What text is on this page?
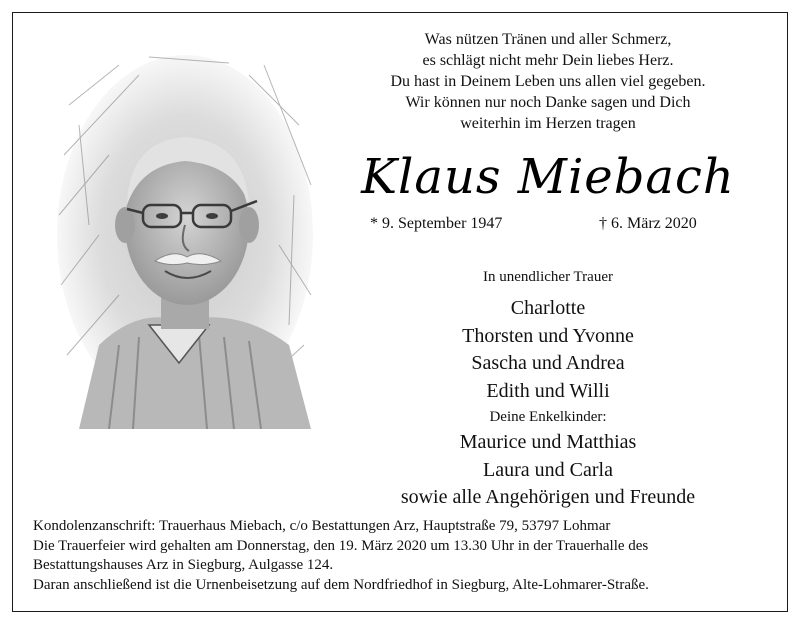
Was nützen Tränen und aller Schmerz,
es schlägt nicht mehr Dein liebes Herz.
Du hast in Deinem Leben uns allen viel gegeben.
Wir können nur noch Danke sagen und Dich
weiterhin im Herzen tragen
Klaus Miebach
* 9. September 1947	† 6. März 2020
In unendlicher Trauer
Charlotte
Thorsten und Yvonne
Sascha und Andrea
Edith und Willi
Deine Enkelkinder:
Maurice und Matthias
Laura und Carla
sowie alle Angehörigen und Freunde
Kondolenzanschrift: Trauerhaus Miebach, c/o Bestattungen Arz, Hauptstraße 79, 53797 Lohmar
Die Trauerfeier wird gehalten am Donnerstag, den 19. März 2020 um 13.30 Uhr in der Trauerhalle des
Bestattungshauses Arz in Siegburg, Aulgasse 124.
Daran anschließend ist die Urnenbeisetzung auf dem Nordfriedhof in Siegburg, Alte-Lohmarer-Straße.
